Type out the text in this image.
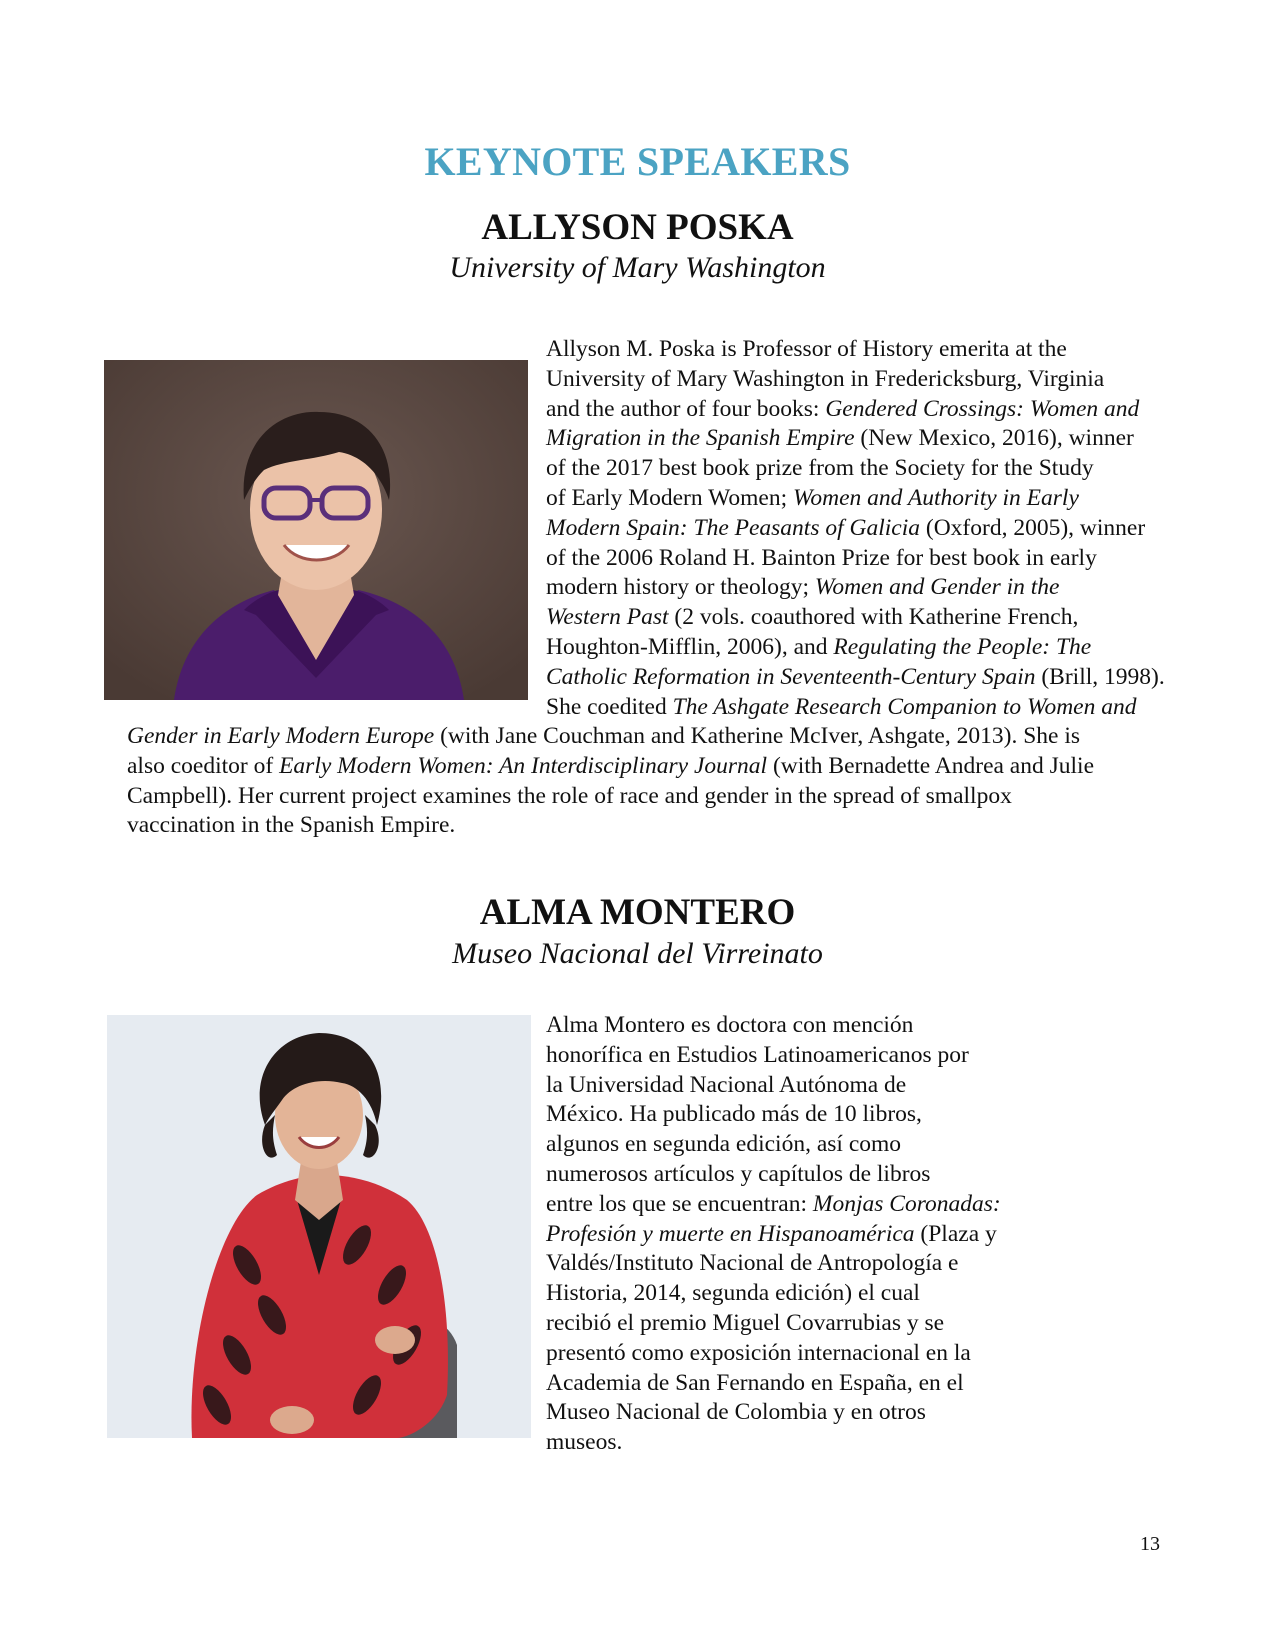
KEYNOTE SPEAKERS
ALLYSON POSKA
University of Mary Washington

Allyson M. Poska is Professor of History emerita at the

University of Mary Washington in Fredericksburg, Virginia

and the author of four books: Gendered Crossings: Women and

Migration in the Spanish Empire (New Mexico, 2016), winner

of the 2017 best book prize from the Society for the Study

of Early Modern Women; Women and Authority in Early

Modern Spain: The Peasants of Galicia (Oxford, 2005), winner

of the 2006 Roland H. Bainton Prize for best book in early

modern history or theology; Women and Gender in the

Western Past (2 vols. coauthored with Katherine French,

Houghton-Mifflin, 2006), and Regulating the People: The

Catholic Reformation in Seventeenth-Century Spain (Brill, 1998).

She coedited The Ashgate Research Companion to Women and

Gender in Early Modern Europe (with Jane Couchman and Katherine McIver, Ashgate, 2013). She is

also coeditor of Early Modern Women: An Interdisciplinary Journal (with Bernadette Andrea and Julie

Campbell). Her current project examines the role of race and gender in the spread of smallpox

vaccination in the Spanish Empire.

ALMA MONTERO
Museo Nacional del Virreinato

Alma Montero es doctora con mención

honorífica en Estudios Latinoamericanos por

la Universidad Nacional Autónoma de

México. Ha publicado más de 10 libros,

algunos en segunda edición, así como

numerosos artículos y capítulos de libros

entre los que se encuentran: Monjas Coronadas:

Profesión y muerte en Hispanoamérica (Plaza y

Valdés/Instituto Nacional de Antropología e

Historia, 2014, segunda edición) el cual

recibió el premio Miguel Covarrubias y se

presentó como exposición internacional en la

Academia de San Fernando en España, en el

Museo Nacional de Colombia y en otros

museos.

13
